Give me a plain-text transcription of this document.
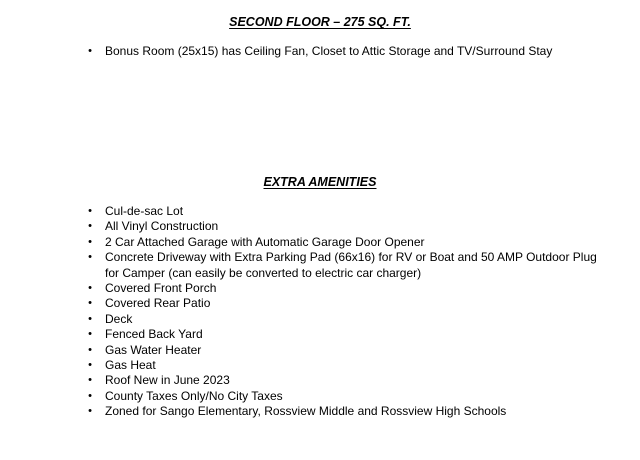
SECOND FLOOR – 275 SQ. FT.
• Bonus Room (25x15) has Ceiling Fan, Closet to Attic Storage and TV/Surround Stay
EXTRA AMENITIES
• Cul-de-sac Lot
• All Vinyl Construction
• 2 Car Attached Garage with Automatic Garage Door Opener
• Concrete Driveway with Extra Parking Pad (66x16) for RV or Boat and 50 AMP Outdoor Plug for Camper (can easily be converted to electric car charger)
• Covered Front Porch
• Covered Rear Patio
• Deck
• Fenced Back Yard
• Gas Water Heater
• Gas Heat
• Roof New in June 2023
• County Taxes Only/No City Taxes
• Zoned for Sango Elementary, Rossview Middle and Rossview High Schools
